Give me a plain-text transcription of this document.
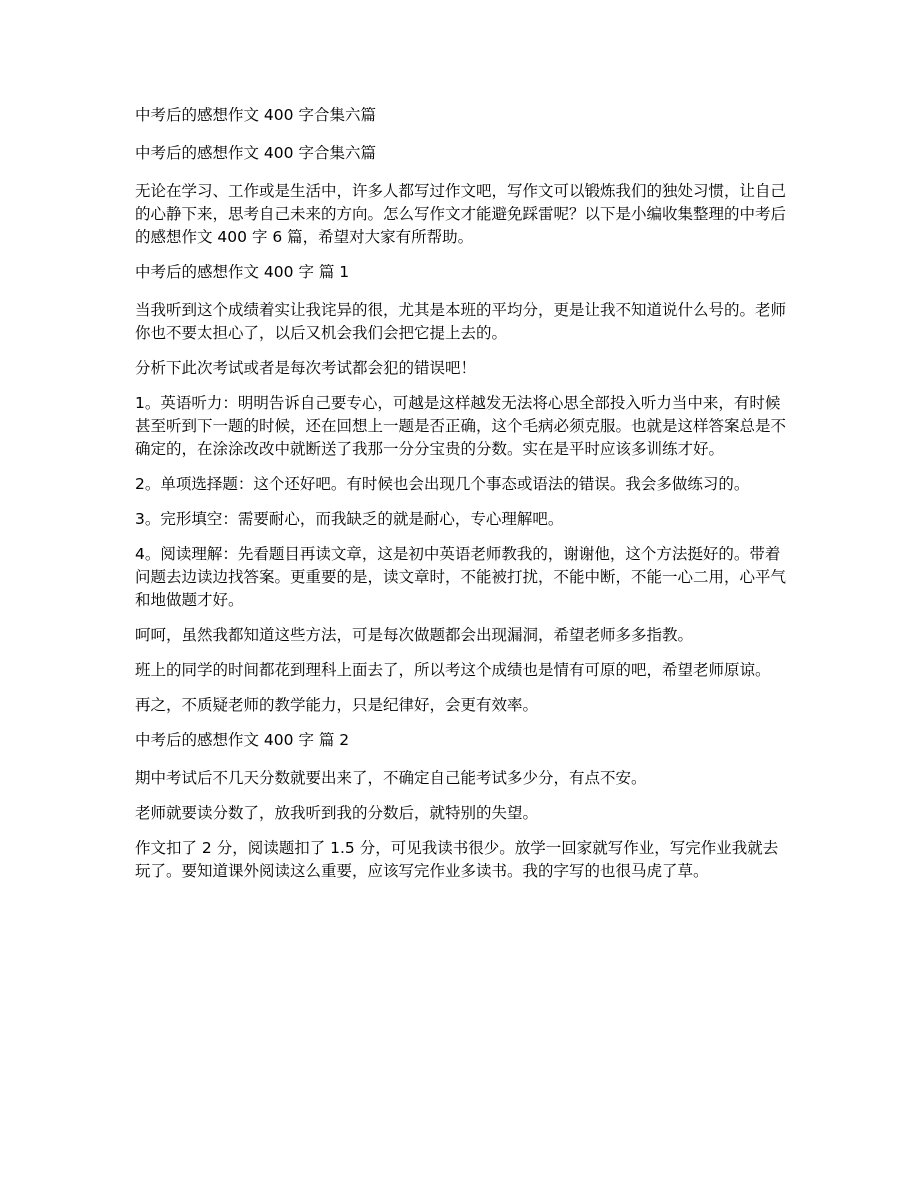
中考后的感想作文 400 字合集六篇

中考后的感想作文 400 字合集六篇

无论在学习、工作或是生活中，许多人都写过作文吧，写作文可以锻炼我们的独处习惯，让自己的心静下来，思考自己未来的方向。怎么写作文才能避免踩雷呢？以下是小编收集整理的中考后的感想作文 400 字 6 篇，希望对大家有所帮助。

中考后的感想作文 400 字 篇 1

当我听到这个成绩着实让我诧异的很，尤其是本班的平均分，更是让我不知道说什么号的。老师你也不要太担心了，以后又机会我们会把它提上去的。

分析下此次考试或者是每次考试都会犯的错误吧！

1。英语听力：明明告诉自己要专心，可越是这样越发无法将心思全部投入听力当中来，有时候甚至听到下一题的时候，还在回想上一题是否正确，这个毛病必须克服。也就是这样答案总是不确定的，在涂涂改改中就断送了我那一分分宝贵的分数。实在是平时应该多训练才好。

2。单项选择题：这个还好吧。有时候也会出现几个事态或语法的错误。我会多做练习的。

3。完形填空：需要耐心，而我缺乏的就是耐心，专心理解吧。

4。阅读理解：先看题目再读文章，这是初中英语老师教我的，谢谢他，这个方法挺好的。带着问题去边读边找答案。更重要的是，读文章时，不能被打扰，不能中断，不能一心二用，心平气和地做题才好。

呵呵，虽然我都知道这些方法，可是每次做题都会出现漏洞，希望老师多多指教。

班上的同学的时间都花到理科上面去了，所以考这个成绩也是情有可原的吧，希望老师原谅。

再之，不质疑老师的教学能力，只是纪律好，会更有效率。

中考后的感想作文 400 字 篇 2

期中考试后不几天分数就要出来了，不确定自己能考试多少分，有点不安。

老师就要读分数了，放我听到我的分数后，就特别的失望。

作文扣了 2 分，阅读题扣了 1.5 分，可见我读书很少。放学一回家就写作业，写完作业我就去玩了。要知道课外阅读这么重要，应该写完作业多读书。我的字写的也很马虎了草。
